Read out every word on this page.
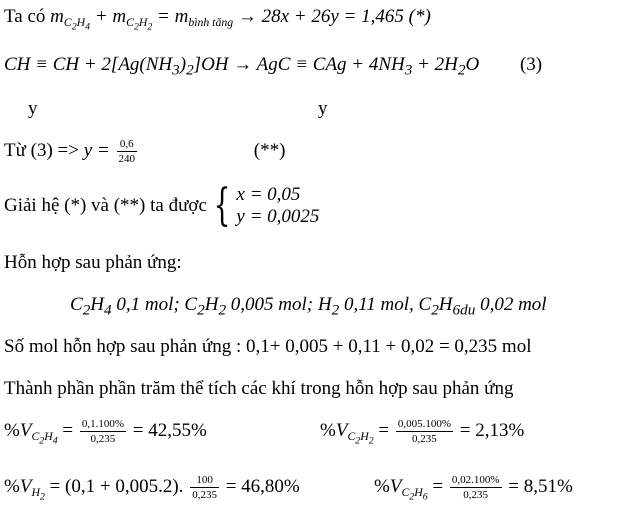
Ta có $m_{C_2H_4} + m_{C_2H_2} = m_{bình tăng} \to 28x + 26y = 1,465$ (*)
CH ≡ CH + $2[Ag(NH_3)_2]OH$ → AgC ≡ CAg + $4NH_3 + 2H_2O$ (3)
y	y
Từ $(3) => y = \frac{0,6}{240}$	(**)
Giải hệ (*) và (**) ta được { x = 0,05
y = 0,0025
Hỗn hợp sau phản ứng:
$C_2H_4$ 0,1 mol; $C_2H_2$ 0,005 mol; $H_2$ 0,11 mol, $C_2H_{6du}$ 0,02 mol
Số mol hỗn hợp sau phản ứng : 0,1+ 0,005 + 0,11 + 0,02 = 0,235 mol
Thành phần phần trăm thể tích các khí trong hỗn hợp sau phản ứng
$\%V_{C_2H_4} = \frac{0,1.100\%}{0,235} = 42,55\%$	$\%V_{C_2H_2} = \frac{0,005.100\%}{0,235} = 2,13\%$
$\%V_{H_2} = (0,1 + 0,005.2)$. $\frac{100}{0,235} = 46,80\%$	$\%V_{C_2H_6} = \frac{0,02.100\%}{0,235} = 8,51\%$
